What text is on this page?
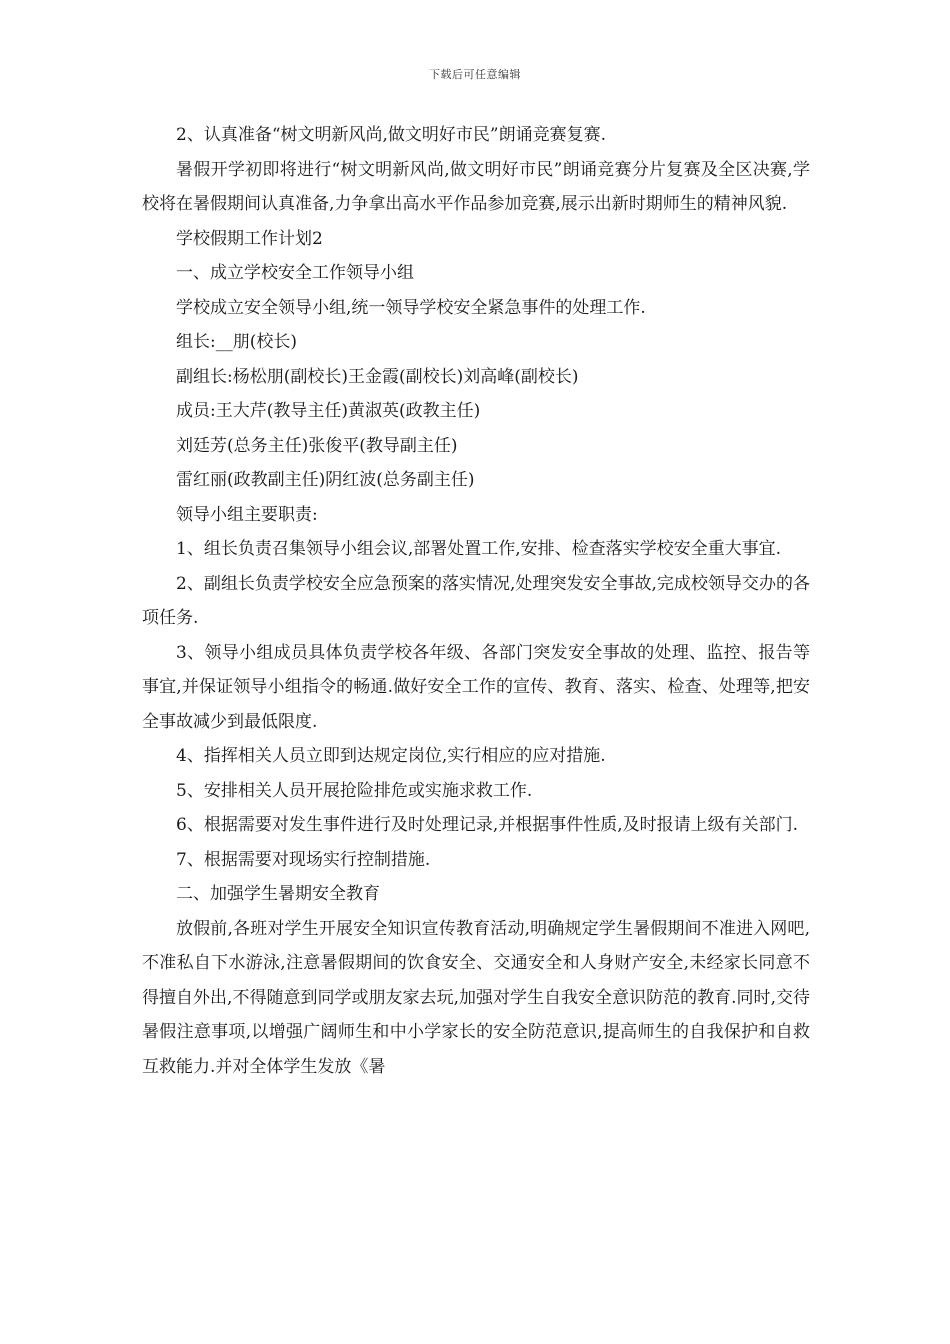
下载后可任意编辑

2、认真准备“树文明新风尚,做文明好市民”朗诵竞赛复赛.

暑假开学初即将进行“树文明新风尚,做文明好市民”朗诵竞赛分片复赛及全区决赛,学校将在暑假期间认真准备,力争拿出高水平作品参加竞赛,展示出新时期师生的精神风貌.

学校假期工作计划2

一、成立学校安全工作领导小组

学校成立安全领导小组,统一领导学校安全紧急事件的处理工作.

组长:__朋(校长)

副组长:杨松朋(副校长)王金霞(副校长)刘高峰(副校长)

成员:王大芹(教导主任)黄淑英(政教主任)

刘廷芳(总务主任)张俊平(教导副主任)

雷红丽(政教副主任)阴红波(总务副主任)

领导小组主要职责:

1、组长负责召集领导小组会议,部署处置工作,安排、检查落实学校安全重大事宜.

2、副组长负责学校安全应急预案的落实情况,处理突发安全事故,完成校领导交办的各项任务.

3、领导小组成员具体负责学校各年级、各部门突发安全事故的处理、监控、报告等事宜,并保证领导小组指令的畅通.做好安全工作的宣传、教育、落实、检查、处理等,把安全事故减少到最低限度.

4、指挥相关人员立即到达规定岗位,实行相应的应对措施.

5、安排相关人员开展抢险排危或实施求救工作.

6、根据需要对发生事件进行及时处理记录,并根据事件性质,及时报请上级有关部门.

7、根据需要对现场实行控制措施.

二、加强学生暑期安全教育

放假前,各班对学生开展安全知识宣传教育活动,明确规定学生暑假期间不准进入网吧,不准私自下水游泳,注意暑假期间的饮食安全、交通安全和人身财产安全,未经家长同意不得擅自外出,不得随意到同学或朋友家去玩,加强对学生自我安全意识防范的教育.同时,交待暑假注意事项,以增强广阔师生和中小学家长的安全防范意识,提高师生的自我保护和自救互救能力.并对全体学生发放《暑
